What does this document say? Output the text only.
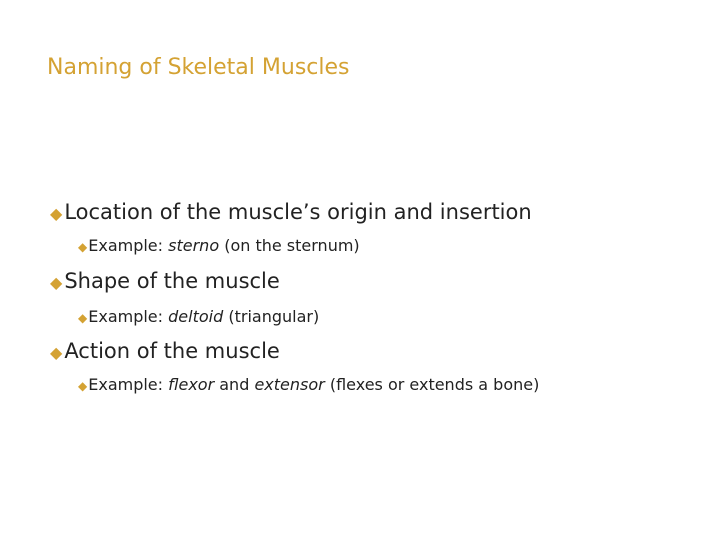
Naming of Skeletal Muscles
◆ Location of the muscle’s origin and insertion
◆ Example:
sterno
(on the sternum)
◆ Shape of the muscle
◆ Example:
deltoid
(triangular)
◆ Action of the muscle
◆ Example:
flexor
and
extensor
(flexes or extends a bone)
